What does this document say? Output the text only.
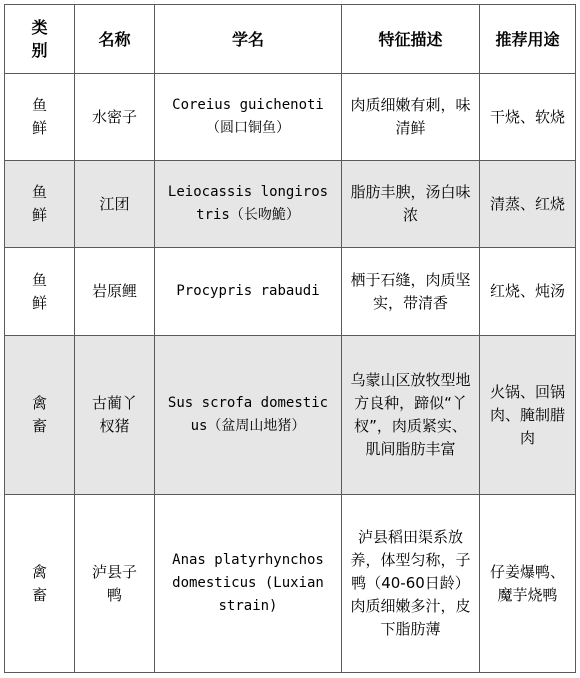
类别	名称	学名	特征描述	推荐用途
鱼鲜	水密子	Coreius guichenoti（圆口铜鱼）	肉质细嫩有刺，味清鲜	干烧、软烧
鱼鲜	江团	Leiocassis longirostris（长吻鮠）	脂肪丰腴，汤白味浓	清蒸、红烧
鱼鲜	岩原鲤	Procypris rabaudi	栖于石缝，肉质坚实，带清香	红烧、炖汤
禽畜	古蔺丫杈猪	Sus scrofa domesticus（盆周山地猪）	乌蒙山区放牧型地方良种，蹄似“丫杈”，肉质紧实、肌间脂肪丰富	火锅、回锅肉、腌制腊肉
禽畜	泸县子鸭	Anas platyrhynchos domesticus (Luxian strain)	泸县稻田渠系放养，体型匀称，子鸭（40-60日龄）肉质细嫩多汁，皮下脂肪薄	仔姜爆鸭、魔芋烧鸭
